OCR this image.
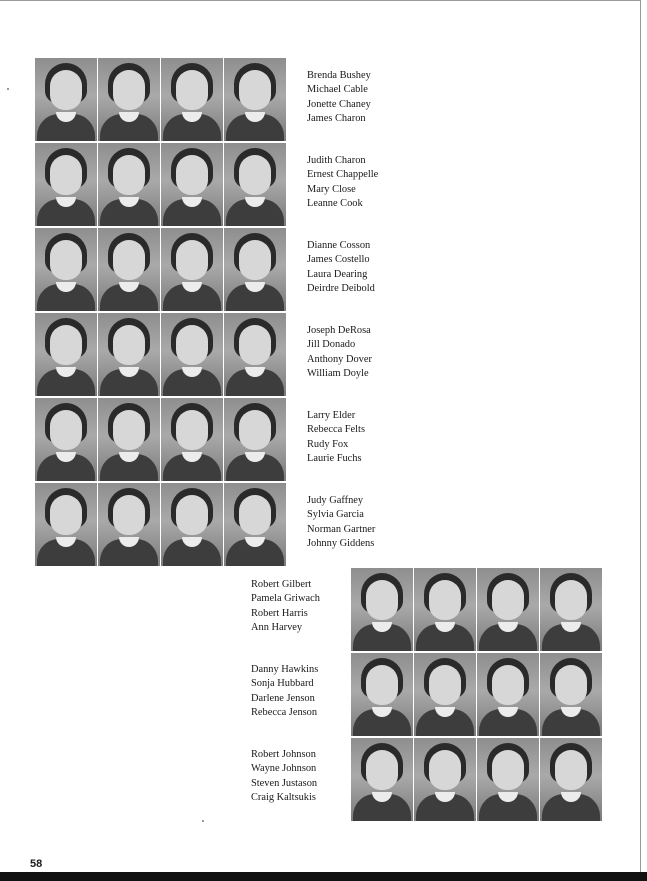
Brenda Bushey
Michael Cable
Jonette Chaney
James Charon
Judith Charon
Ernest Chappelle
Mary Close
Leanne Cook
Dianne Cosson
James Costello
Laura Dearing
Deirdre Deibold
Joseph DeRosa
Jill Donado
Anthony Dover
William Doyle
Larry Elder
Rebecca Felts
Rudy Fox
Laurie Fuchs
Judy Gaffney
Sylvia Garcia
Norman Gartner
Johnny Giddens
Robert Gilbert
Pamela Griwach
Robert Harris
Ann Harvey
Danny Hawkins
Sonja Hubbard
Darlene Jenson
Rebecca Jenson
Robert Johnson
Wayne Johnson
Steven Justason
Craig Kaltsukis
58
